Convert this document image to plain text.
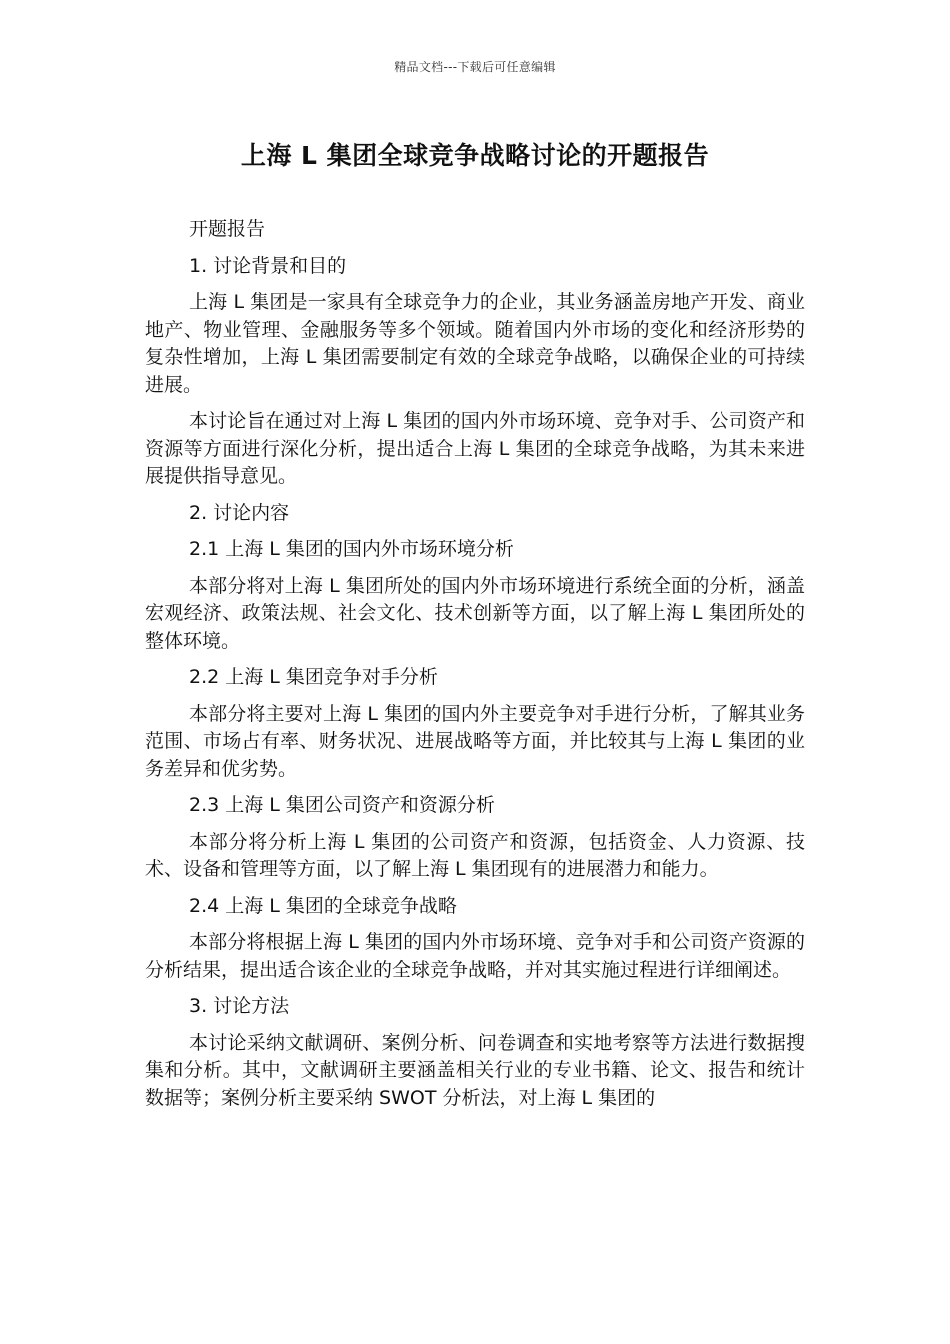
精品文档---下载后可任意编辑
上海 L 集团全球竞争战略讨论的开题报告

开题报告

1. 讨论背景和目的

上海 L 集团是一家具有全球竞争力的企业，其业务涵盖房地产开发、商业地产、物业管理、金融服务等多个领域。随着国内外市场的变化和经济形势的复杂性增加，上海 L 集团需要制定有效的全球竞争战略，以确保企业的可持续进展。

本讨论旨在通过对上海 L 集团的国内外市场环境、竞争对手、公司资产和资源等方面进行深化分析，提出适合上海 L 集团的全球竞争战略，为其未来进展提供指导意见。

2. 讨论内容

2.1 上海 L 集团的国内外市场环境分析

本部分将对上海 L 集团所处的国内外市场环境进行系统全面的分析，涵盖宏观经济、政策法规、社会文化、技术创新等方面，以了解上海 L 集团所处的整体环境。

2.2 上海 L 集团竞争对手分析

本部分将主要对上海 L 集团的国内外主要竞争对手进行分析，了解其业务范围、市场占有率、财务状况、进展战略等方面，并比较其与上海 L 集团的业务差异和优劣势。

2.3 上海 L 集团公司资产和资源分析

本部分将分析上海 L 集团的公司资产和资源，包括资金、人力资源、技术、设备和管理等方面，以了解上海 L 集团现有的进展潜力和能力。

2.4 上海 L 集团的全球竞争战略

本部分将根据上海 L 集团的国内外市场环境、竞争对手和公司资产资源的分析结果，提出适合该企业的全球竞争战略，并对其实施过程进行详细阐述。

3. 讨论方法

本讨论采纳文献调研、案例分析、问卷调查和实地考察等方法进行数据搜集和分析。其中，文献调研主要涵盖相关行业的专业书籍、论文、报告和统计数据等；案例分析主要采纳 SWOT 分析法，对上海 L 集团的
